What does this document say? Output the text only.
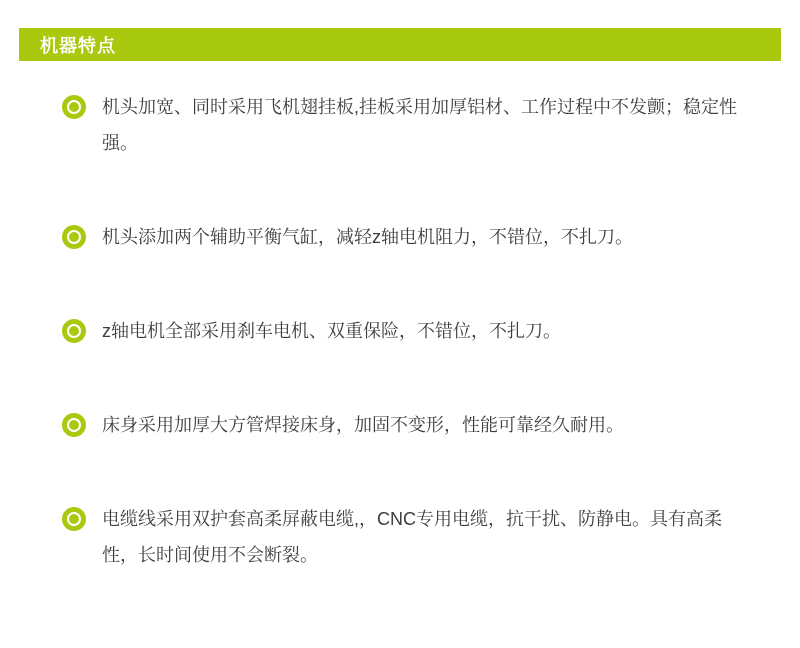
机器特点

机头加宽、同时采用飞机翅挂板,挂板采用加厚铝材、工作过程中不发颤；稳定性强。

机头添加两个辅助平衡气缸，减轻z轴电机阻力，不错位，不扎刀。

z轴电机全部采用刹车电机、双重保险，不错位，不扎刀。

床身采用加厚大方管焊接床身，加固不变形，性能可靠经久耐用。

电缆线采用双护套高柔屏蔽电缆,，CNC专用电缆，抗干扰、防静电。具有高柔性，长时间使用不会断裂。
